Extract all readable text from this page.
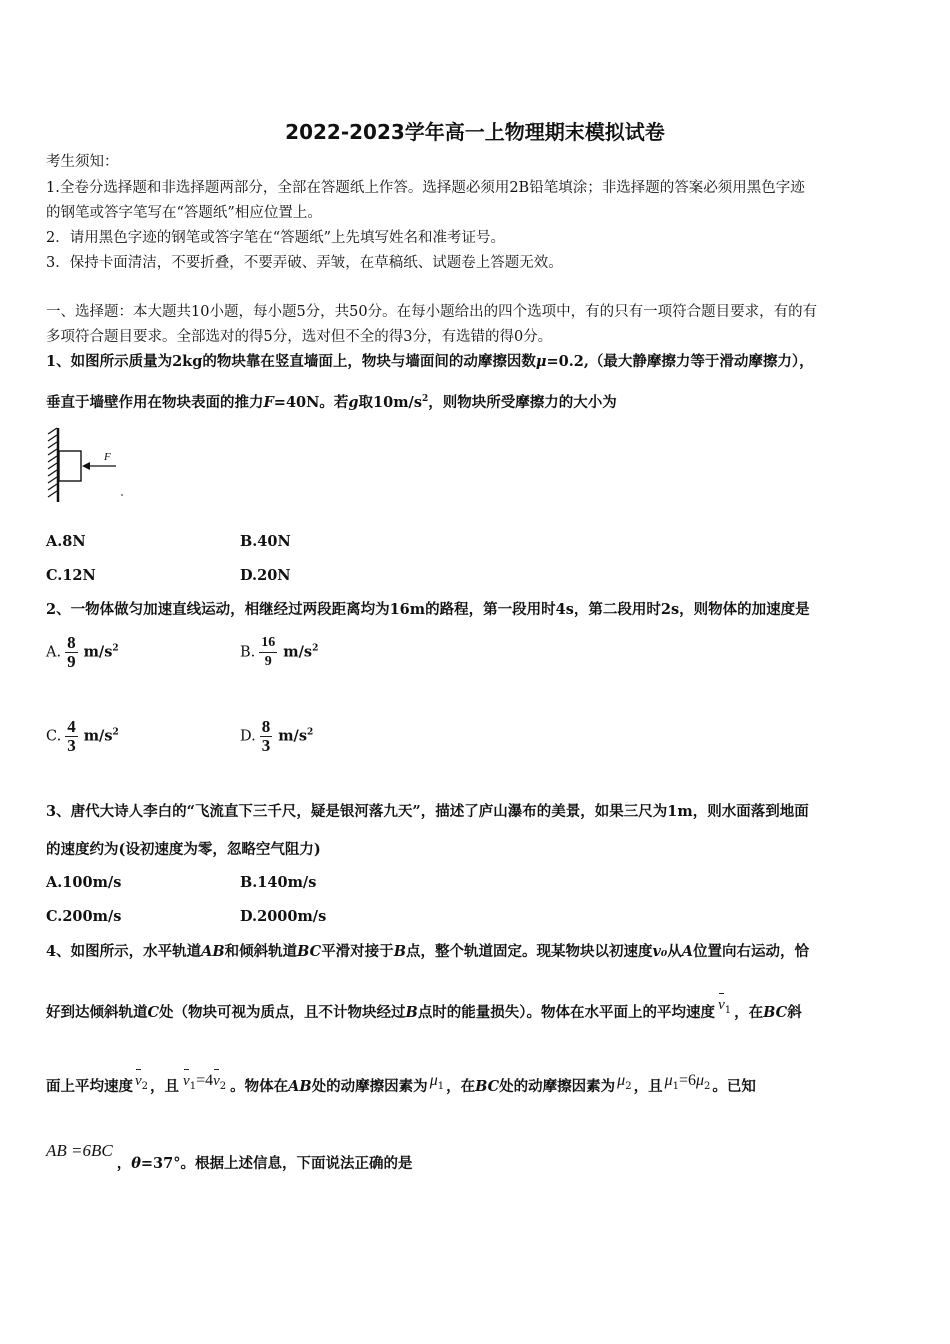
2022-2023学年高一上物理期末模拟试卷
考生须知：
1.全卷分选择题和非选择题两部分，全部在答题纸上作答。选择题必须用2B铅笔填涂；非选择题的答案必须用黑色字迹
的钢笔或答字笔写在“答题纸”相应位置上。
2．请用黑色字迹的钢笔或答字笔在“答题纸”上先填写姓名和准考证号。
3．保持卡面清洁，不要折叠，不要弄破、弄皱，在草稿纸、试题卷上答题无效。
一、选择题：本大题共10小题，每小题5分，共50分。在每小题给出的四个选项中，有的只有一项符合题目要求，有的有
多项符合题目要求。全部选对的得5分，选对但不全的得3分，有选错的得0分。
1、如图所示质量为2kg的物块靠在竖直墙面上，物块与墙面间的动摩擦因数μ=0.2,（最大静摩擦力等于滑动摩擦力），
垂直于墙壁作用在物块表面的推力F=40N。若g取$10m/s^2$，则物块所受摩擦力的大小为
F
A.8N	B.40N
C.12N	D.20N
2、一物体做匀加速直线运动，相继经过两段距离均为16m的路程，第一段用时4s，第二段用时2s，则物体的加速度是
A. $\frac{8}{9} m/s^2$	B. $\frac{16}{9} m/s^2$
C. $\frac{4}{3} m/s^2$	D. $\frac{8}{3} m/s^2$
3、唐代大诗人李白的“飞流直下三千尺，疑是银河落九天”，描述了庐山瀑布的美景，如果三尺为1m，则水面落到地面
的速度约为(设初速度为零，忽略空气阻力)
A.100m/s	B.140m/s
C.200m/s	D.2000m/s
4、如图所示，水平轨道AB和倾斜轨道BC平滑对接于B点，整个轨道固定。现某物块以初速度v₀从A位置向右运动，恰
好到达倾斜轨道C处（物块可视为质点，且不计物块经过B点时的能量损失）。物体在水平面上的平均速度 $v_1$ ，在BC斜
面上平均速度 $v_2$ ，且 $v_1=4v_2$ 。物体在AB处的动摩擦因素为 $\mu_1$ ，在BC处的动摩擦因素为 $\mu_2$ ，且 $\mu_1=6\mu_2$ 。已知
AB =6BC，θ=37°。根据上述信息，下面说法正确的是
